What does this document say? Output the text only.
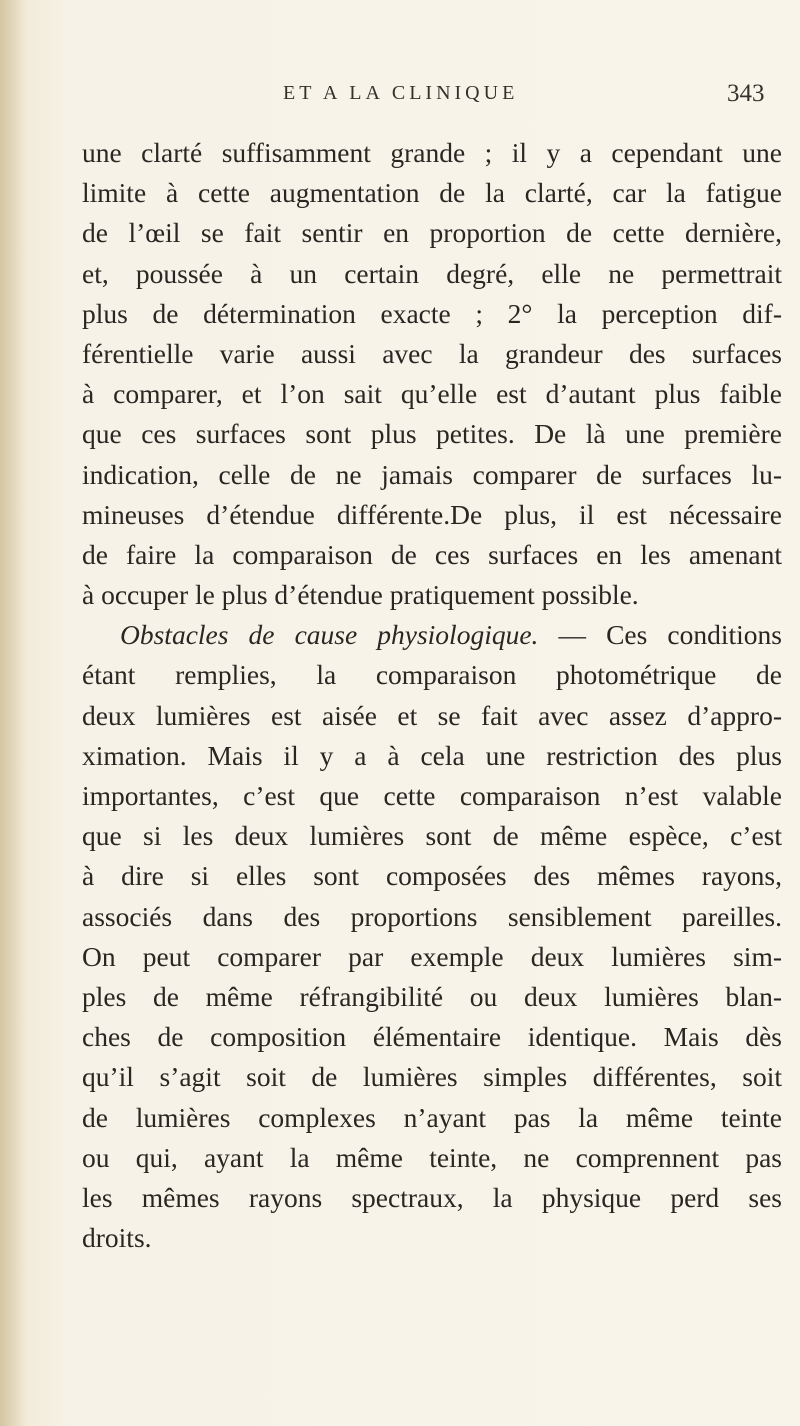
ET A LA CLINIQUE	343
une clarté suffisamment grande ; il y a cependant une
limite à cette augmentation de la clarté, car la fatigue
de l’œil se fait sentir en proportion de cette dernière,
et, poussée à un certain degré, elle ne permettrait
plus de détermination exacte ; 2° la perception dif-
férentielle varie aussi avec la grandeur des surfaces
à comparer, et l’on sait qu’elle est d’autant plus faible
que ces surfaces sont plus petites. De là une première
indication, celle de ne jamais comparer de surfaces lu-
mineuses d’étendue différente.De plus, il est nécessaire
de faire la comparaison de ces surfaces en les amenant
à occuper le plus d’étendue pratiquement possible.
Obstacles de cause physiologique. — Ces conditions
étant remplies, la comparaison photométrique de
deux lumières est aisée et se fait avec assez d’appro-
ximation. Mais il y a à cela une restriction des plus
importantes, c’est que cette comparaison n’est valable
que si les deux lumières sont de même espèce, c’est
à dire si elles sont composées des mêmes rayons,
associés dans des proportions sensiblement pareilles.
On peut comparer par exemple deux lumières sim-
ples de même réfrangibilité ou deux lumières blan-
ches de composition élémentaire identique. Mais dès
qu’il s’agit soit de lumières simples différentes, soit
de lumières complexes n’ayant pas la même teinte
ou qui, ayant la même teinte, ne comprennent pas
les mêmes rayons spectraux, la physique perd ses
droits.
